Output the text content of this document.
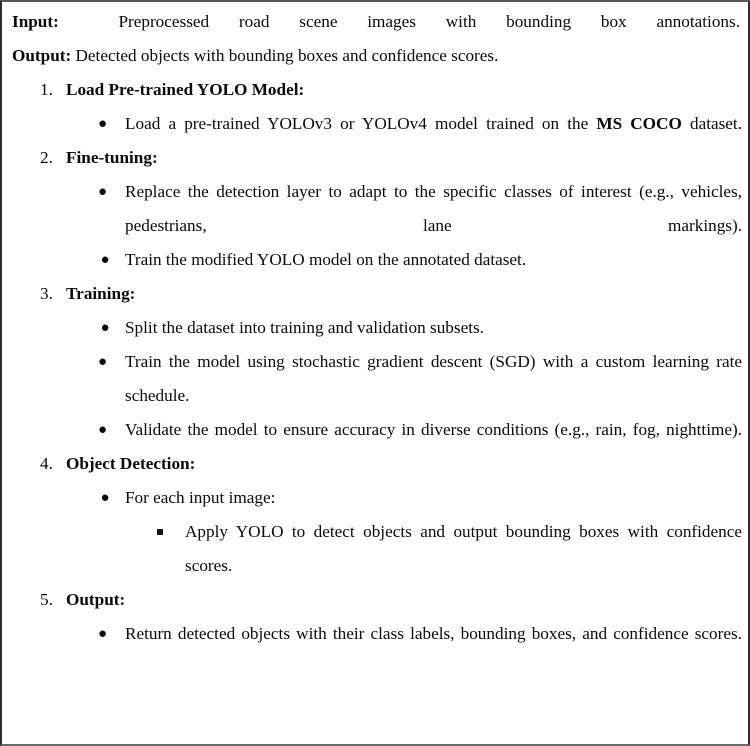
Input:	Preprocessed road scene images with bounding box annotations.

Output: Detected objects with bounding boxes and confidence scores.

1. Load Pre-trained YOLO Model:

● Load a pre-trained YOLOv3 or YOLOv4 model trained on the MS COCO dataset.

2. Fine-tuning:

● Replace the detection layer to adapt to the specific classes of interest (e.g., vehicles, pedestrians, lane markings).

● Train the modified YOLO model on the annotated dataset.

3. Training:

● Split the dataset into training and validation subsets.

● Train the model using stochastic gradient descent (SGD) with a custom learning rate schedule.

● Validate the model to ensure accuracy in diverse conditions (e.g., rain, fog, nighttime).

4. Object Detection:

● For each input image:

Apply YOLO to detect objects and output bounding boxes with confidence scores.

5. Output:

● Return detected objects with their class labels, bounding boxes, and confidence scores.
